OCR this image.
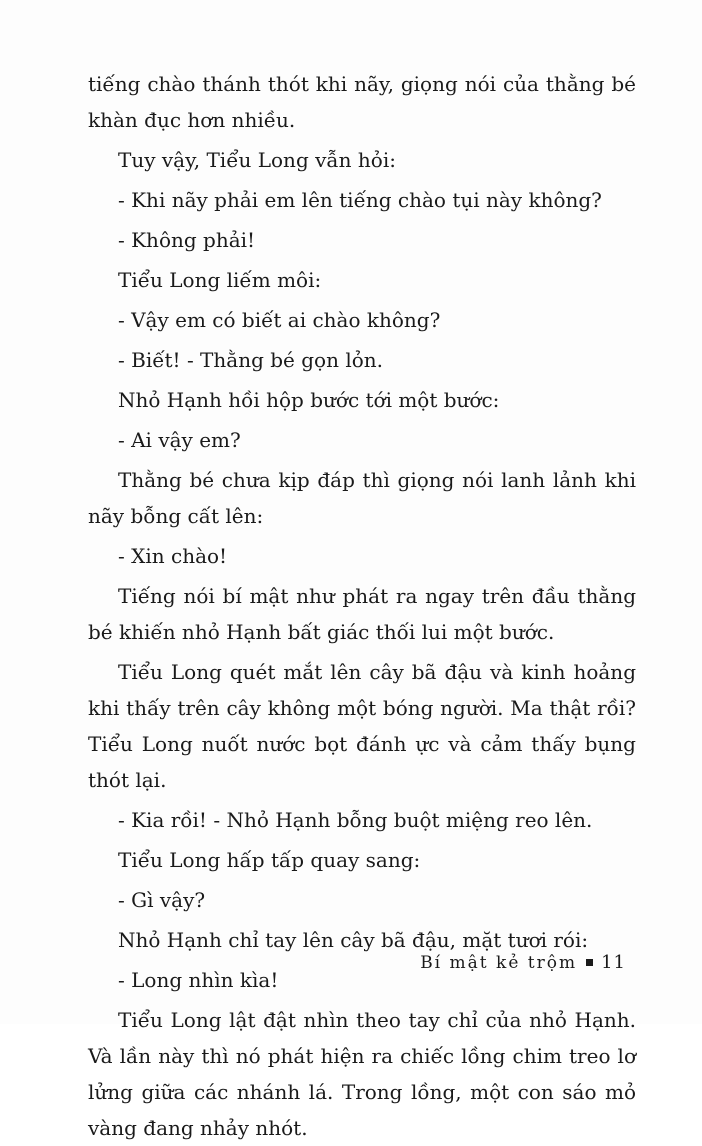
tiếng chào thánh thót khi nãy, giọng nói của thằng bé khàn đục hơn nhiều.

Tuy vậy, Tiểu Long vẫn hỏi:

- Khi nãy phải em lên tiếng chào tụi này không?

- Không phải!

Tiểu Long liếm môi:

- Vậy em có biết ai chào không?

- Biết! - Thằng bé gọn lỏn.

Nhỏ Hạnh hồi hộp bước tới một bước:

- Ai vậy em?

Thằng bé chưa kịp đáp thì giọng nói lanh lảnh khi nãy bỗng cất lên:

- Xin chào!

Tiếng nói bí mật như phát ra ngay trên đầu thằng bé khiến nhỏ Hạnh bất giác thối lui một bước.

Tiểu Long quét mắt lên cây bã đậu và kinh hoảng khi thấy trên cây không một bóng người. Ma thật rồi? Tiểu Long nuốt nước bọt đánh ực và cảm thấy bụng thót lại.

- Kia rồi! - Nhỏ Hạnh bỗng buột miệng reo lên.

Tiểu Long hấp tấp quay sang:

- Gì vậy?

Nhỏ Hạnh chỉ tay lên cây bã đậu, mặt tươi rói:

- Long nhìn kìa!

Tiểu Long lật đật nhìn theo tay chỉ của nhỏ Hạnh. Và lần này thì nó phát hiện ra chiếc lồng chim treo lơ lửng giữa các nhánh lá. Trong lồng, một con sáo mỏ vàng đang nhảy nhót.

Bí mật kẻ trộm 11
